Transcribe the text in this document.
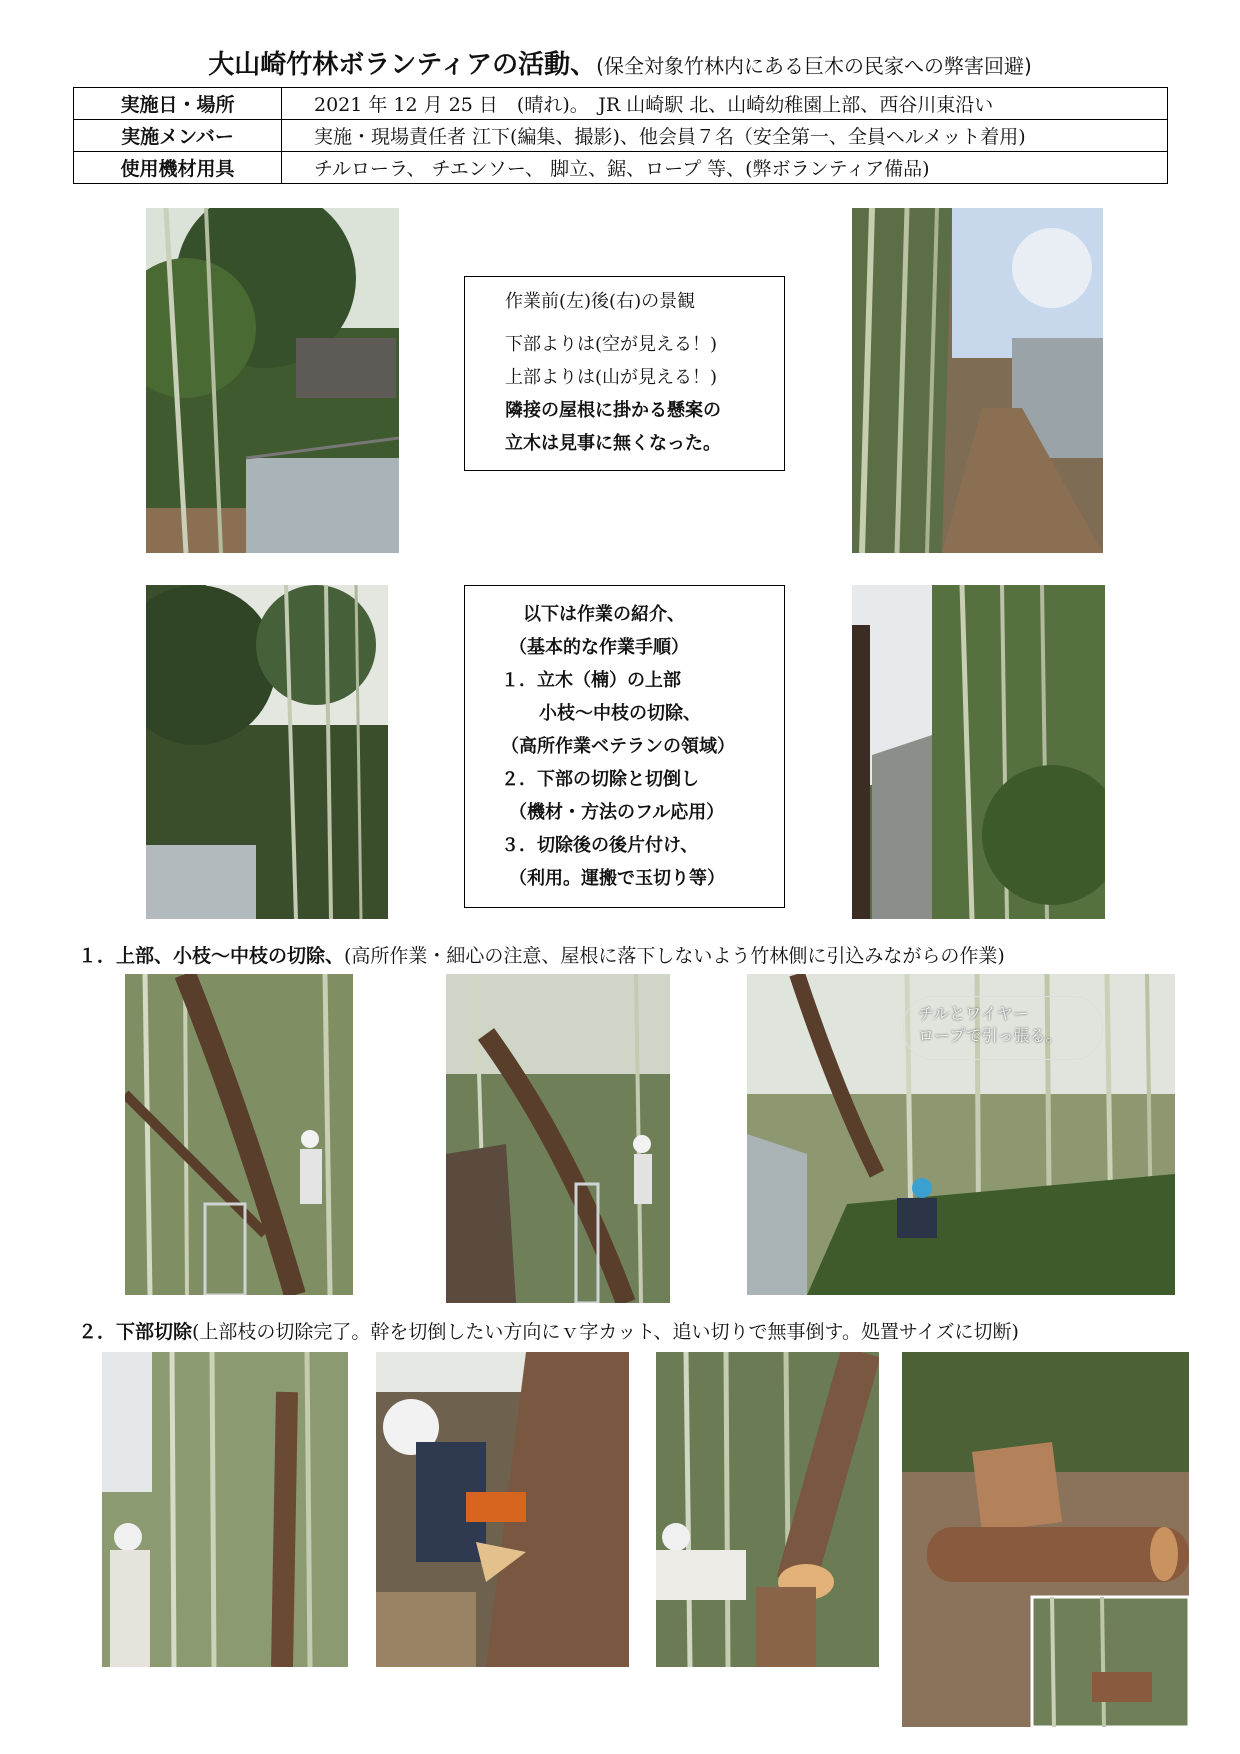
大山崎竹林ボランティアの活動、(保全対象竹林内にある巨木の民家への弊害回避)
実施日・場所	2021 年 12 月 25 日　(晴れ)。　JR 山崎駅 北、山崎幼稚園上部、西谷川東沿い
実施メンバー	実施・現場責任者 江下(編集、撮影)、他会員７名（安全第一、全員ヘルメット着用)
使用機材用具	チルローラ、 チエンソー、 脚立、鋸、ロープ 等、(弊ボランティア備品)
作業前(左)後(右)の景観
下部よりは(空が見える！)
上部よりは(山が見える！)
隣接の屋根に掛かる懸案の
立木は見事に無くなった。
以下は作業の紹介、
（基本的な作業手順）
１．立木（楠）の上部
　小枝～中枝の切除、
（高所作業ベテランの領域）
２．下部の切除と切倒し
（機材・方法のフル応用）
３．切除後の後片付け、
（利用。運搬で玉切り等）
１．上部、小枝～中枝の切除、(高所作業・細心の注意、屋根に落下しないよう竹林側に引込みながらの作業)
チルとワイヤー
ロープで引っ張る。
２．下部切除(上部枝の切除完了。幹を切倒したい方向にｖ字カット、追い切りで無事倒す。処置サイズに切断)
